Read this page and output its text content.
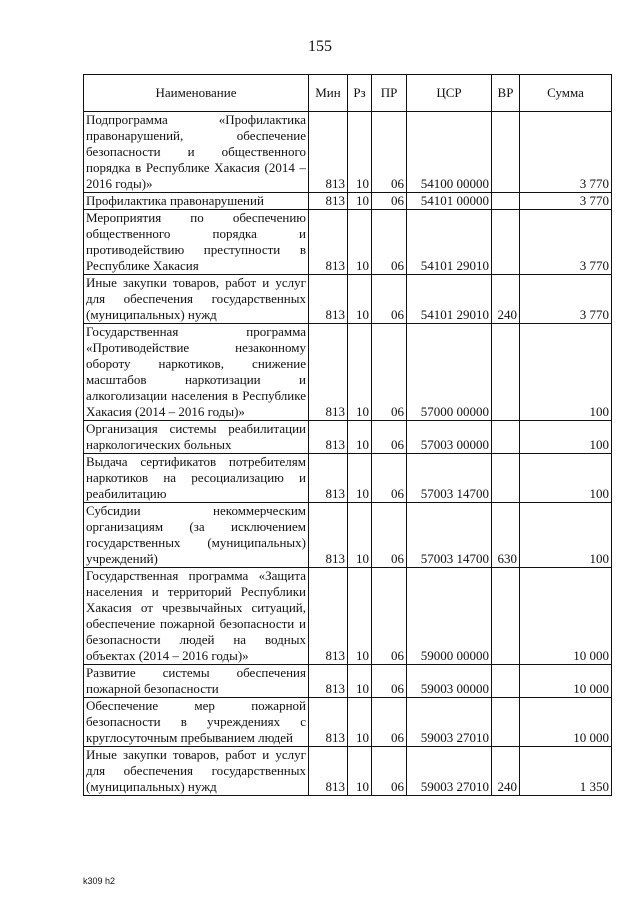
155
Наименование	Мин	Рз	ПР	ЦСР	ВР	Сумма
Подпрограмма «Профилактика правонарушений, обеспечение безопасности и общественного порядка в Республике Хакасия (2014 – 2016 годы)»	813	10	06	54100 00000		3 770
Профилактика правонарушений	813	10	06	54101 00000		3 770
Мероприятия по обеспечению общественного порядка и противодействию преступности в Республике Хакасия	813	10	06	54101 29010		3 770
Иные закупки товаров, работ и услуг для обеспечения государственных (муниципальных) нужд	813	10	06	54101 29010	240	3 770
Государственная программа «Противодействие незаконному обороту наркотиков, снижение масштабов наркотизации и алкоголизации населения в Республике Хакасия (2014 – 2016 годы)»	813	10	06	57000 00000		100
Организация системы реабилитации наркологических больных	813	10	06	57003 00000		100
Выдача сертификатов потребителям наркотиков на ресоциализацию и реабилитацию	813	10	06	57003 14700		100
Субсидии некоммерческим организациям (за исключением государственных (муниципальных) учреждений)	813	10	06	57003 14700	630	100
Государственная программа «Защита населения и территорий Республики Хакасия от чрезвычайных ситуаций, обеспечение пожарной безопасности и безопасности людей на водных объектах (2014 – 2016 годы)»	813	10	06	59000 00000		10 000
Развитие системы обеспечения пожарной безопасности	813	10	06	59003 00000		10 000
Обеспечение мер пожарной безопасности в учреждениях с круглосуточным пребыванием людей	813	10	06	59003 27010		10 000
Иные закупки товаров, работ и услуг для обеспечения государственных (муниципальных) нужд	813	10	06	59003 27010	240	1 350
k309 h2
